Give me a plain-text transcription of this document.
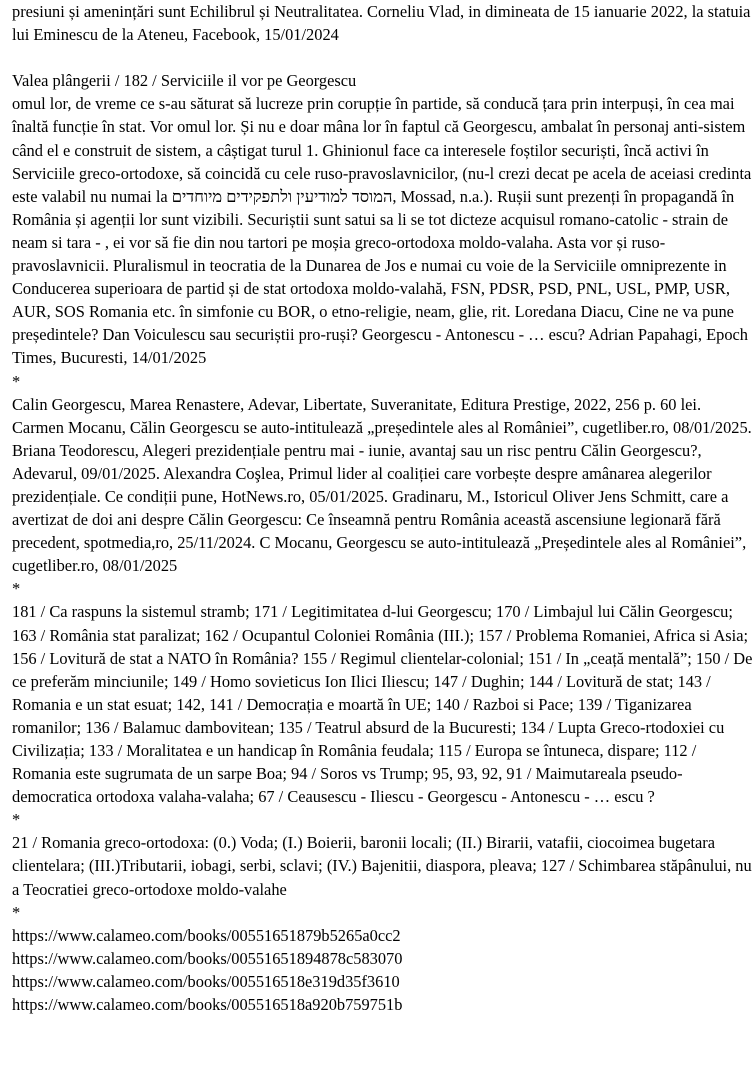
presiuni și amenințări sunt Echilibrul și Neutralitatea. Corneliu Vlad, in dimineata de 15 ianuarie 2022, la statuia lui Eminescu de la Ateneu, Facebook, 15/01/2024

Valea plângerii / 182 / Serviciile il vor pe Georgescu

omul lor, de vreme ce s-au săturat să lucreze prin corupție în partide, să conducă țara prin interpuși, în cea mai înaltă funcție în stat. Vor omul lor. Și nu e doar mâna lor în faptul că Georgescu, ambalat în personaj anti-sistem când el e construit de sistem, a câștigat turul 1. Ghinionul face ca interesele foștilor securiști, încă activi în Serviciile greco-ortodoxe, să coincidă cu cele ruso-pravoslavnicilor, (nu-l crezi decat pe acela de aceiasi credinta este valabil nu numai la המוסד למודיעין ולתפקידים מיוחדים, Mossad, n.a.). Rușii sunt prezenți în propagandă în România și agenții lor sunt vizibili. Securiștii sunt satui sa li se tot dicteze acquisul romano-catolic - strain de neam si tara - , ei vor să fie din nou tartori pe moșia greco-ortodoxa moldo-valaha. Asta vor și ruso-pravoslavnicii. Pluralismul in teocratia de la Dunarea de Jos e numai cu voie de la Serviciile omniprezente in Conducerea superioara de partid și de stat ortodoxa moldo-valahă, FSN, PDSR, PSD, PNL, USL, PMP, USR, AUR, SOS Romania etc. în simfonie cu BOR, o etno-religie, neam, glie, rit. Loredana Diacu, Cine ne va pune președintele? Dan Voiculescu sau securiștii pro-ruși? Georgescu - Antonescu - … escu? Adrian Papahagi, Epoch Times, Bucuresti, 14/01/2025

*

Calin Georgescu, Marea Renastere, Adevar, Libertate, Suveranitate, Editura Prestige, 2022, 256 p. 60 lei. Carmen Mocanu, Călin Georgescu se auto-intitulează „președintele ales al României”, cugetliber.ro, 08/01/2025. Briana Teodorescu, Alegeri prezidențiale pentru mai - iunie, avantaj sau un risc pentru Călin Georgescu?, Adevarul, 09/01/2025. Alexandra Coşlea, Primul lider al coaliției care vorbește despre amânarea alegerilor prezidențiale. Ce condiții pune, HotNews.ro, 05/01/2025. Gradinaru, M., Istoricul Oliver Jens Schmitt, care a avertizat de doi ani despre Călin Georgescu: Ce înseamnă pentru România această ascensiune legionară fără precedent, spotmedia,ro, 25/11/2024. C Mocanu, Georgescu se auto-intitulează „Președintele ales al României”, cugetliber.ro, 08/01/2025

*

181 / Ca raspuns la sistemul stramb; 171 / Legitimitatea d-lui Georgescu; 170 / Limbajul lui Călin Georgescu; 163 / România stat paralizat; 162 / Ocupantul Coloniei România (III.); 157 / Problema Romaniei, Africa si Asia; 156 / Lovitură de stat a NATO în România? 155 / Regimul clientelar-colonial; 151 / In „ceață mentală”; 150 / De ce preferăm minciunile; 149 / Homo sovieticus Ion Ilici Iliescu; 147 / Dughin; 144 / Lovitură de stat; 143 / Romania e un stat esuat; 142, 141 / Democrația e moartă în UE; 140 / Razboi si Pace; 139 / Tiganizarea romanilor; 136 / Balamuc dambovitean; 135 / Teatrul absurd de la Bucuresti; 134 / Lupta Greco-rtodoxiei cu Civilizația; 133 / Moralitatea e un handicap în România feudala; 115 / Europa se întuneca, dispare; 112 / Romania este sugrumata de un sarpe Boa; 94 / Soros vs Trump; 95, 93, 92, 91 / Maimutareala pseudo-democratica ortodoxa valaha-valaha; 67 / Ceausescu - Iliescu - Georgescu - Antonescu - … escu ?

*

21 / Romania greco-ortodoxa: (0.) Voda; (I.) Boierii, baronii locali; (II.) Birarii, vatafii, ciocoimea bugetara clientelara; (III.)Tributarii, iobagi, serbi, sclavi; (IV.) Bajenitii, diaspora, pleava; 127 / Schimbarea stăpânului, nu a Teocratiei greco-ortodoxe moldo-valahe

*
https://www.calameo.com/books/00551651879b5265a0cc2
https://www.calameo.com/books/00551651894878c583070
https://www.calameo.com/books/005516518e319d35f3610
https://www.calameo.com/books/005516518a920b759751b
